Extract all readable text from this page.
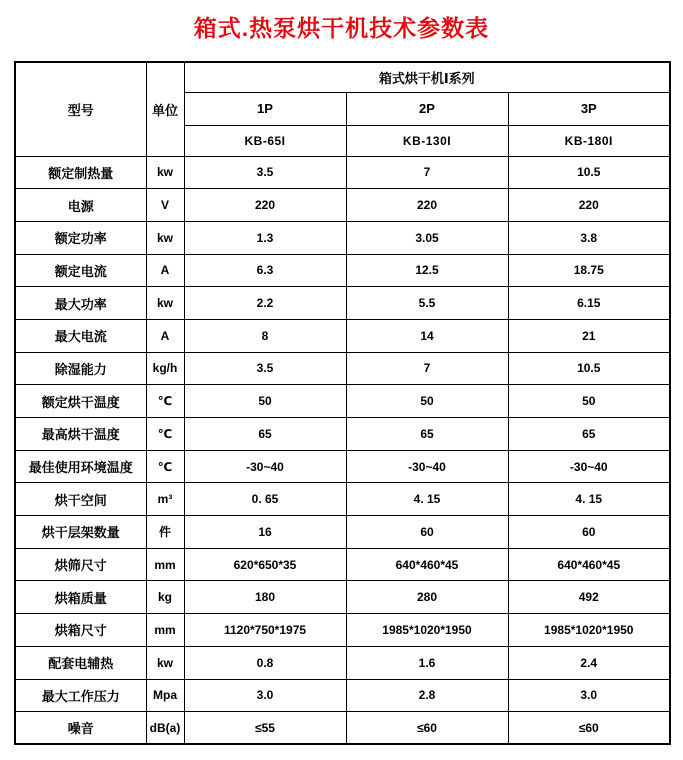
箱式.热泵烘干机技术参数表
型号	单位	箱式烘干机Ⅰ系列		
		1P	2P	3P
		KB-65I	KB-130I	KB-180I
额定制热量	kw	3.5	7	10.5
电源	V	220	220	220
额定功率	kw	1.3	3.05	3.8
额定电流	A	6.3	12.5	18.75
最大功率	kw	2.2	5.5	6.15
最大电流	A	8	14	21
除湿能力	kg/h	3.5	7	10.5
额定烘干温度	℃	50	50	50
最高烘干温度	℃	65	65	65
最佳使用环境温度	℃	-30~40	-30~40	-30~40
烘干空间	m³	0. 65	4. 15	4. 15
烘干层架数量	件	16	60	60
烘筛尺寸	mm	620*650*35	640*460*45	640*460*45
烘箱质量	kg	180	280	492
烘箱尺寸	mm	1120*750*1975	1985*1020*1950	1985*1020*1950
配套电辅热	kw	0.8	1.6	2.4
最大工作压力	Mpa	3.0	2.8	3.0
噪音	dB(a)	≤55	≤60	≤60
